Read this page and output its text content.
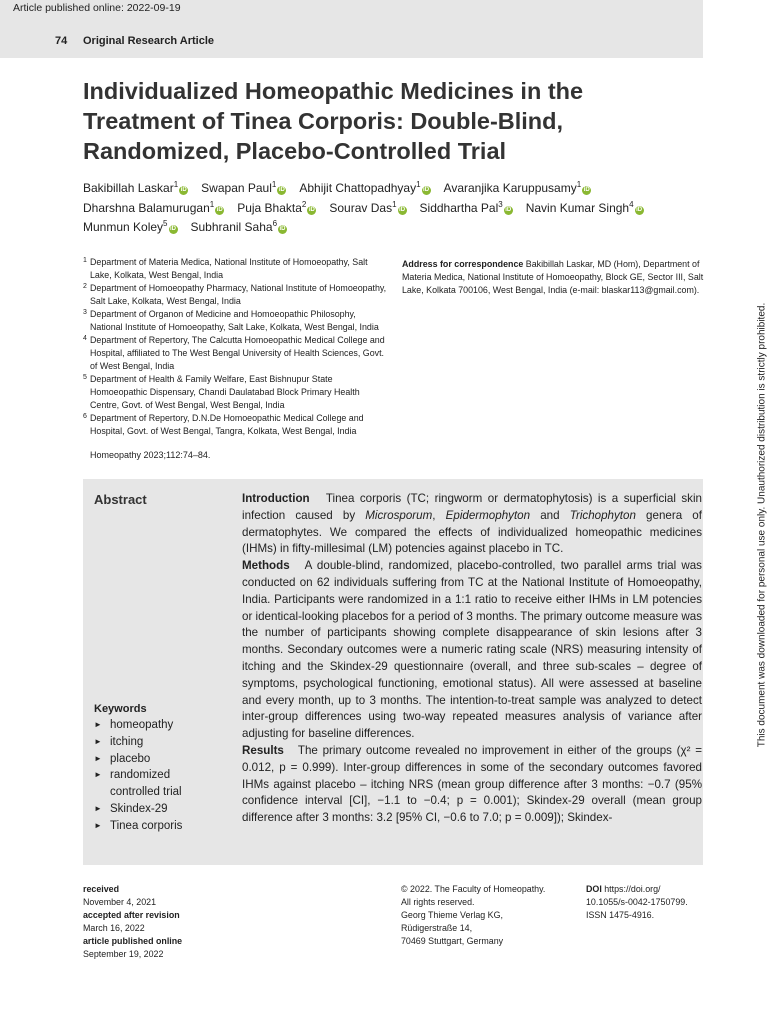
Article published online: 2022-09-19
74 Original Research Article
Individualized Homeopathic Medicines in the Treatment of Tinea Corporis: Double-Blind, Randomized, Placebo-Controlled Trial
Bakibillah Laskar$^1$iD Swapan Paul$^1$iD Abhijit Chattopadhyay$^1$iD Avaranjika Karuppusamy$^1$iD
Dharshna Balamurugan$^1$iD Puja Bhakta$^2$iD Sourav Das$^1$iD Siddhartha Pal$^3$iD Navin Kumar Singh$^4$iD
Munmun Koley$^5$iD Subhranil Saha$^6$iD
1 Department of Materia Medica, National Institute of Homoeopathy, Salt Lake, Kolkata, West Bengal, India
2 Department of Homoeopathy Pharmacy, National Institute of Homoeopathy, Salt Lake, Kolkata, West Bengal, India
3 Department of Organon of Medicine and Homoeopathic Philosophy, National Institute of Homoeopathy, Salt Lake, Kolkata, West Bengal, India
4 Department of Repertory, The Calcutta Homoeopathic Medical College and Hospital, affiliated to The West Bengal University of Health Sciences, Govt. of West Bengal, India
5 Department of Health & Family Welfare, East Bishnupur State Homoeopathic Dispensary, Chandi Daulatabad Block Primary Health Centre, Govt. of West Bengal, West Bengal, India
6 Department of Repertory, D.N.De Homoeopathic Medical College and Hospital, Govt. of West Bengal, Tangra, Kolkata, West Bengal, India
Homeopathy 2023;112:74–84.
Address for correspondence Bakibillah Laskar, MD (Hom), Department of Materia Medica, National Institute of Homoeopathy, Block GE, Sector III, Salt Lake, Kolkata 700106, West Bengal, India (e-mail: blaskar113@gmail.com).
Abstract
Keywords
► homeopathy
► itching
► placebo
► randomized controlled trial
► Skindex-29
► Tinea corporis
Introduction Tinea corporis (TC; ringworm or dermatophytosis) is a superficial skin infection caused by Microsporum, Epidermophyton and Trichophyton genera of dermatophytes. We compared the effects of individualized homeopathic medicines (IHMs) in fifty-millesimal (LM) potencies against placebo in TC.
Methods A double-blind, randomized, placebo-controlled, two parallel arms trial was conducted on 62 individuals suffering from TC at the National Institute of Homoeopathy, India. Participants were randomized in a 1:1 ratio to receive either IHMs in LM potencies or identical-looking placebos for a period of 3 months. The primary outcome measure was the number of participants showing complete disappearance of skin lesions after 3 months. Secondary outcomes were a numeric rating scale (NRS) measuring intensity of itching and the Skindex-29 questionnaire (overall, and three sub-scales – degree of symptoms, psychological functioning, emotional status). All were assessed at baseline and every month, up to 3 months. The intention-to-treat sample was analyzed to detect inter-group differences using two-way repeated measures analysis of variance after adjusting for baseline differences.
Results The primary outcome revealed no improvement in either of the groups (χ² = 0.012, p = 0.999). Inter-group differences in some of the secondary outcomes favored IHMs against placebo – itching NRS (mean group difference after 3 months: −0.7 (95% confidence interval [CI], −1.1 to −0.4; p = 0.001); Skindex-29 overall (mean group difference after 3 months: 3.2 [95% CI, −0.6 to 7.0; p = 0.009]); Skindex-
This document was downloaded for personal use only. Unauthorized distribution is strictly prohibited.
received
November 4, 2021
accepted after revision
March 16, 2022
article published online
September 19, 2022
© 2022. The Faculty of Homeopathy.
All rights reserved.
Georg Thieme Verlag KG,
Rüdigerstraße 14,
70469 Stuttgart, Germany
DOI https://doi.org/
10.1055/s-0042-1750799.
ISSN 1475-4916.
